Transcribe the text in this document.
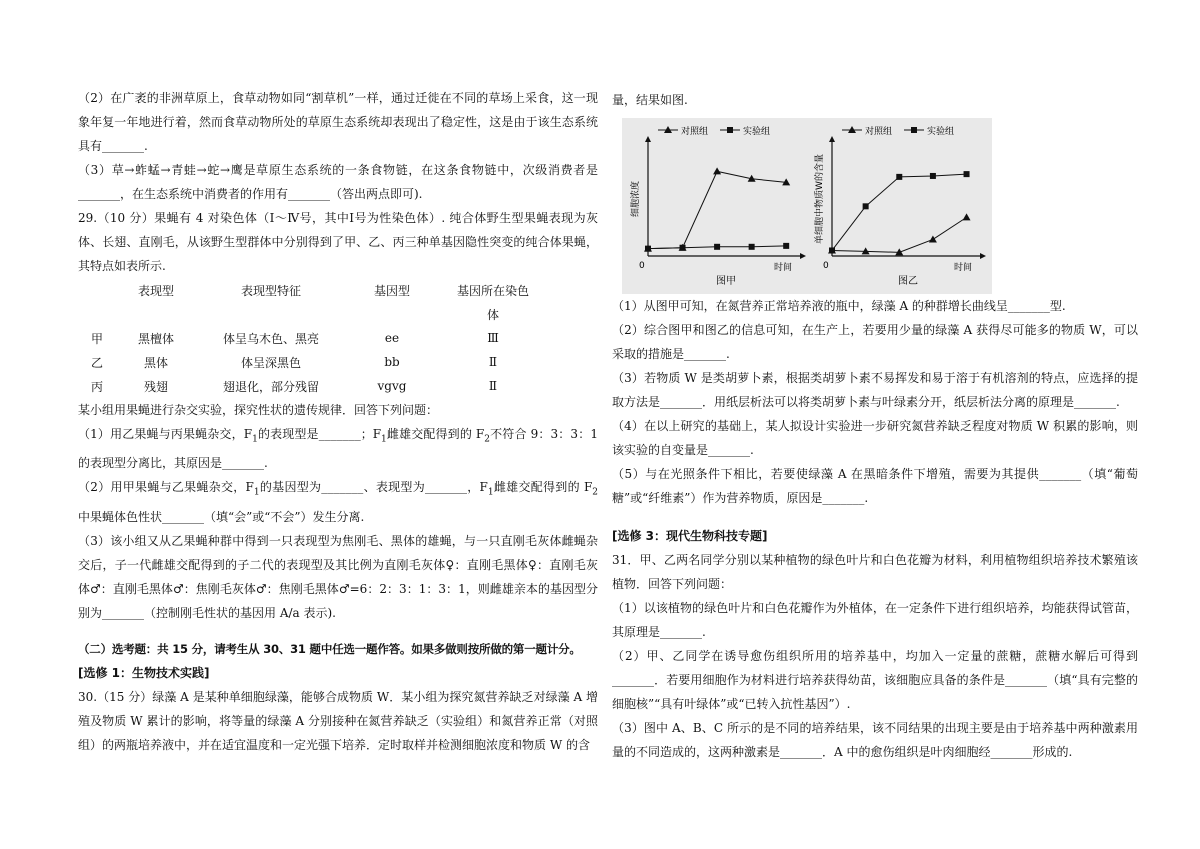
（2）在广袤的非洲草原上，食草动物如同“割草机”一样，通过迁徙在不同的草场上采食，这一现象年复一年地进行着，然而食草动物所处的草原生态系统却表现出了稳定性，这是由于该生态系统具有_______.

（3）草→蚱蜢→青蛙→蛇→鹰是草原生态系统的一条食物链，在这条食物链中，次级消费者是_______，在生态系统中消费者的作用有_______（答出两点即可).

29.（10 分）果蝇有 4 对染色体（Ⅰ～Ⅳ号，其中Ⅰ号为性染色体）. 纯合体野生型果蝇表现为灰体、长翅、直刚毛，从该野生型群体中分别得到了甲、乙、丙三种单基因隐性突变的纯合体果蝇，其特点如表所示.

	表现型	表现型特征	基因型	基因所在染色
				体
甲	黑檀体	体呈乌木色、黑亮	ee	Ⅲ
乙	黑体	体呈深黑色	bb	Ⅱ
丙	残翅	翅退化，部分残留	vgvg	Ⅱ

某小组用果蝇进行杂交实验，探究性状的遗传规律．回答下列问题：

（1）用乙果蝇与丙果蝇杂交，$F_1$的表现型是_______；$F_1$雌雄交配得到的 $F_2$不符合 9：3：3：1 的表现型分离比，其原因是_______.

（2）用甲果蝇与乙果蝇杂交，$F_1$的基因型为_______、表现型为_______，$F_1$雌雄交配得到的 $F_2$中果蝇体色性状_______（填“会”或“不会”）发生分离.

（3）该小组又从乙果蝇种群中得到一只表现型为焦刚毛、黑体的雄蝇，与一只直刚毛灰体雌蝇杂交后，子一代雌雄交配得到的子二代的表现型及其比例为直刚毛灰体♀：直刚毛黑体♀：直刚毛灰体♂：直刚毛黑体♂：焦刚毛灰体♂：焦刚毛黑体♂=6：2：3：1：3：1，则雌雄亲本的基因型分别为_______（控制刚毛性状的基因用 A/a 表示).

（二）选考题：共 15 分，请考生从 30、31 题中任选一题作答。如果多做则按所做的第一题计分。

[选修 1：生物技术实践]

30.（15 分）绿藻 A 是某种单细胞绿藻，能够合成物质 W．某小组为探究氮营养缺乏对绿藻 A 增殖及物质 W 累计的影响，将等量的绿藻 A 分别接种在氮营养缺乏（实验组）和氮营养正常（对照组）的两瓶培养液中，并在适宜温度和一定光强下培养．定时取样并检测细胞浓度和物质 W 的含

量，结果如图.

0	时间
图甲
细胞浓度
对照组	实验组
0	时间
图乙
单细胞中物质W的含量
对照组	实验组

（1）从图甲可知，在氮营养正常培养液的瓶中，绿藻 A 的种群增长曲线呈_______型.

（2）综合图甲和图乙的信息可知，在生产上，若要用少量的绿藻 A 获得尽可能多的物质 W，可以采取的措施是_______.

（3）若物质 W 是类胡萝卜素，根据类胡萝卜素不易挥发和易于溶于有机溶剂的特点，应选择的提取方法是_______．用纸层析法可以将类胡萝卜素与叶绿素分开，纸层析法分离的原理是_______.

（4）在以上研究的基础上，某人拟设计实验进一步研究氮营养缺乏程度对物质 W 积累的影响，则该实验的自变量是_______.

（5）与在光照条件下相比，若要使绿藻 A 在黑暗条件下增殖，需要为其提供_______（填“葡萄糖”或“纤维素”）作为营养物质，原因是_______.

[选修 3：现代生物科技专题]

31．甲、乙两名同学分别以某种植物的绿色叶片和白色花瓣为材料，利用植物组织培养技术繁殖该植物．回答下列问题：

（1）以该植物的绿色叶片和白色花瓣作为外植体，在一定条件下进行组织培养，均能获得试管苗，其原理是_______.

（2）甲、乙同学在诱导愈伤组织所用的培养基中，均加入一定量的蔗糖，蔗糖水解后可得到_______．若要用细胞作为材料进行培养获得幼苗，该细胞应具备的条件是_______（填“具有完整的细胞核”“具有叶绿体”或“已转入抗性基因”）.

（3）图中 A、B、C 所示的是不同的培养结果，该不同结果的出现主要是由于培养基中两种激素用量的不同造成的，这两种激素是_______．A 中的愈伤组织是叶肉细胞经_______形成的.
